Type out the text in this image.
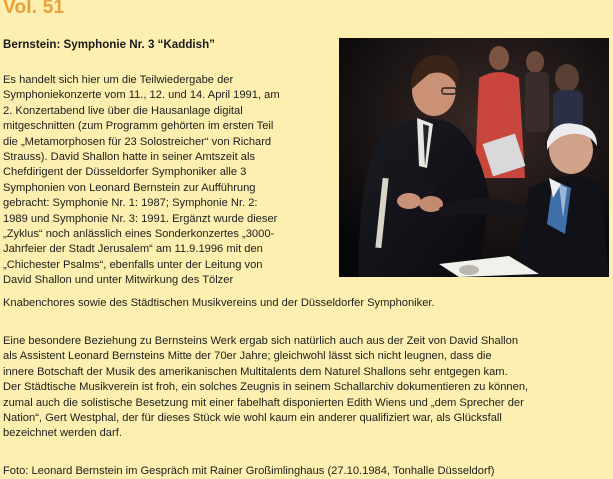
Vol. 51
Bernstein: Symphonie Nr. 3 “Kaddish”
Es handelt sich hier um die Teilwiedergabe der
Symphoniekonzerte vom 11., 12. und 14. April 1991, am
2. Konzertabend live über die Hausanlage digital
mitgeschnitten (zum Programm gehörten im ersten Teil
die „Metamorphosen für 23 Solostreicher“ von Richard
Strauss). David Shallon hatte in seiner Amtszeit als
Chefdirigent der Düsseldorfer Symphoniker alle 3
Symphonien von Leonard Bernstein zur Aufführung
gebracht: Symphonie Nr. 1: 1987; Symphonie Nr. 2:
1989 und Symphonie Nr. 3: 1991. Ergänzt wurde dieser
„Zyklus“ noch anlässlich eines Sonderkonzertes „3000-
Jahrfeier der Stadt Jerusalem“ am 11.9.1996 mit den
„Chichester Psalms“, ebenfalls unter der Leitung von
David Shallon und unter Mitwirkung des Tölzer
Knabenchores sowie des Städtischen Musikvereins und der Düsseldorfer Symphoniker.
Eine besondere Beziehung zu Bernsteins Werk ergab sich natürlich auch aus der Zeit von David Shallon
als Assistent Leonard Bernsteins Mitte der 70er Jahre; gleichwohl lässt sich nicht leugnen, dass die
innere Botschaft der Musik des amerikanischen Multitalents dem Naturel Shallons sehr entgegen kam.
Der Städtische Musikverein ist froh, ein solches Zeugnis in seinem Schallarchiv dokumentieren zu können,
zumal auch die solistische Besetzung mit einer fabelhaft disponierten Edith Wiens und „dem Sprecher der
Nation“, Gert Westphal, der für dieses Stück wie wohl kaum ein anderer qualifiziert war, als Glücksfall
bezeichnet werden darf.
Foto: Leonard Bernstein im Gespräch mit Rainer Großimlinghaus (27.10.1984, Tonhalle Düsseldorf)
